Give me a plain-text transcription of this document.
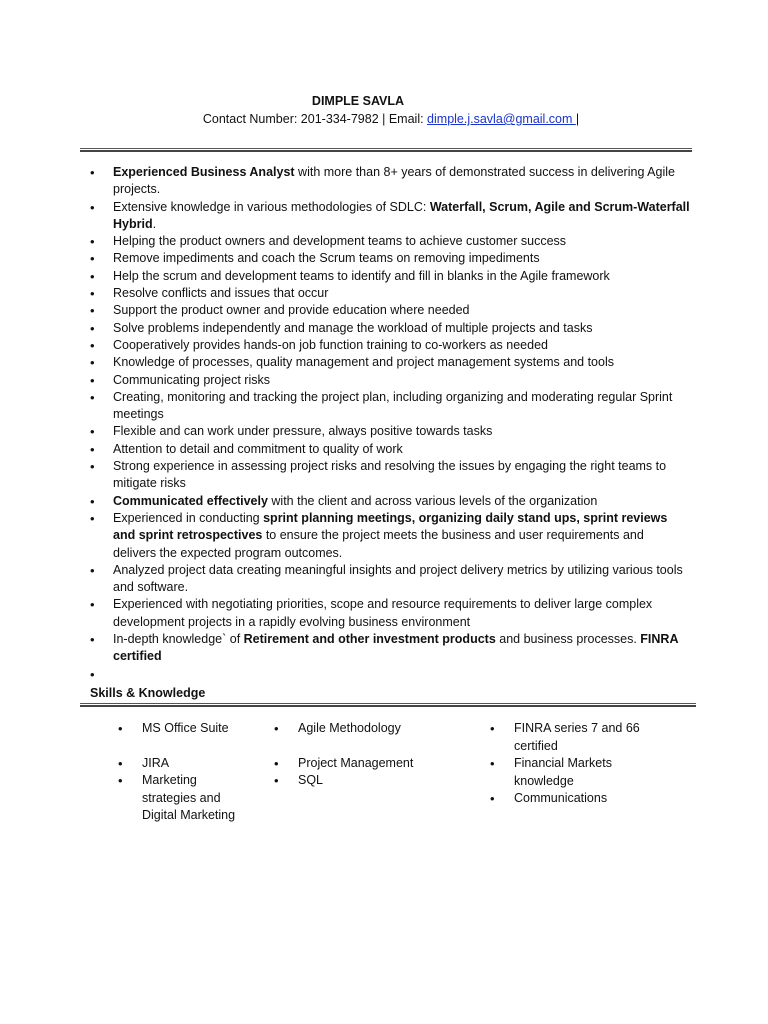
DIMPLE SAVLA
Contact Number: 201-334-7982 | Email: dimple.j.savla@gmail.com |
• Experienced Business Analyst with more than 8+ years of demonstrated success in delivering Agile projects.
• Extensive knowledge in various methodologies of SDLC: Waterfall, Scrum, Agile and Scrum-Waterfall Hybrid.
• Helping the product owners and development teams to achieve customer success
• Remove impediments and coach the Scrum teams on removing impediments
• Help the scrum and development teams to identify and fill in blanks in the Agile framework
• Resolve conflicts and issues that occur
• Support the product owner and provide education where needed
• Solve problems independently and manage the workload of multiple projects and tasks
• Cooperatively provides hands-on job function training to co-workers as needed
• Knowledge of processes, quality management and project management systems and tools
• Communicating project risks
• Creating, monitoring and tracking the project plan, including organizing and moderating regular Sprint meetings
• Flexible and can work under pressure, always positive towards tasks
• Attention to detail and commitment to quality of work
• Strong experience in assessing project risks and resolving the issues by engaging the right teams to mitigate risks
• Communicated effectively with the client and across various levels of the organization
• Experienced in conducting sprint planning meetings, organizing daily stand ups, sprint reviews and sprint retrospectives to ensure the project meets the business and user requirements and delivers the expected program outcomes.
• Analyzed project data creating meaningful insights and project delivery metrics by utilizing various tools and software.
• Experienced with negotiating priorities, scope and resource requirements to deliver large complex development projects in a rapidly evolving business environment
• In-depth knowledge` of Retirement and other investment products and business processes. FINRA certified
•
Skills & Knowledge
• MS Office Suite
• JIRA
• Marketing strategies and Digital Marketing
• Agile Methodology
• Project Management
• SQL
• FINRA series 7 and 66 certified
• Financial Markets knowledge
• Communications
